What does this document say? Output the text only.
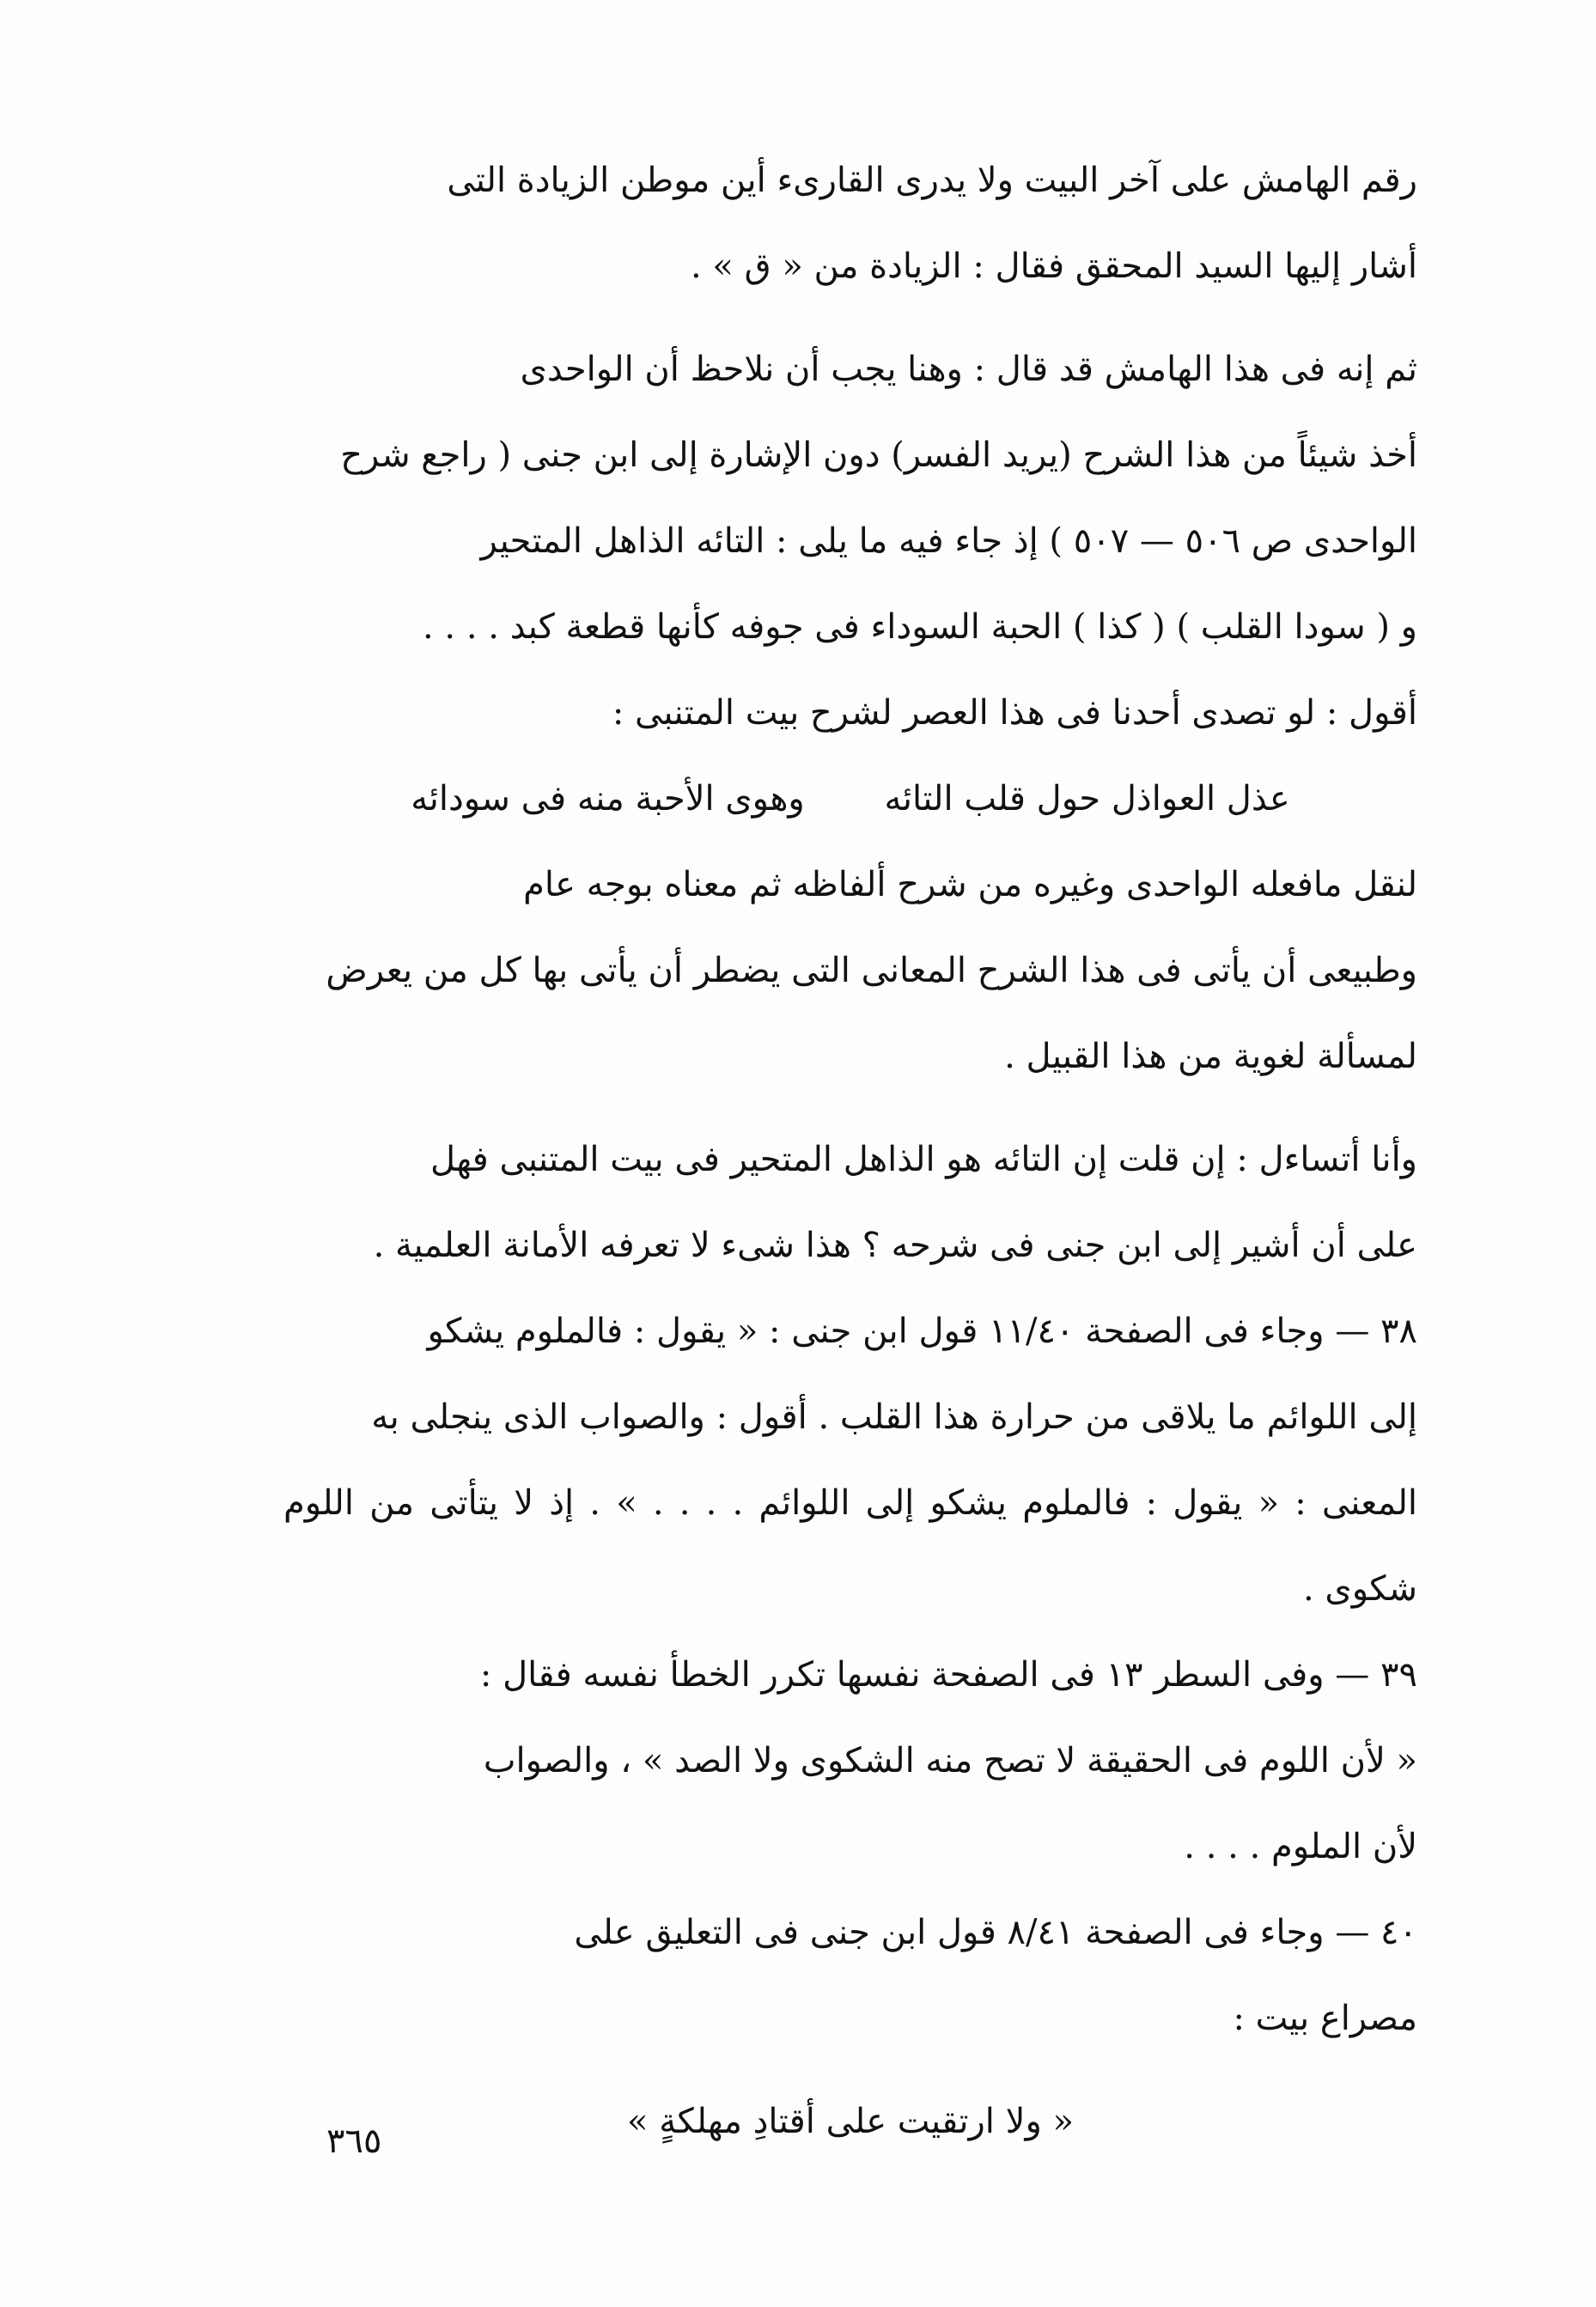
رقم الهامش على آخر البيت ولا يدرى القارىء أين موطن الزيادة التى
أشار إليها السيد المحقق فقال : الزيادة من « ق » .
ثم إنه فى هذا الهامش قد قال : وهنا يجب أن نلاحظ أن الواحدى
أخذ شيئاً من هذا الشرح (يريد الفسر) دون الإشارة إلى ابن جنى ( راجع شرح
الواحدى ص ٥٠٦ — ٥٠٧ ) إذ جاء فيه ما يلى : التائه الذاهل المتحير
و ( سودا القلب ) ( كذا ) الحبة السوداء فى جوفه كأنها قطعة كبد . . . .
أقول : لو تصدى أحدنا فى هذا العصر لشرح بيت المتنبى :
عذل العواذل حول قلب التائه وهوى الأحبة منه فى سودائه
لنقل مافعله الواحدى وغيره من شرح ألفاظه ثم معناه بوجه عام
وطبيعى أن يأتى فى هذا الشرح المعانى التى يضطر أن يأتى بها كل من يعرض
لمسألة لغوية من هذا القبيل .
وأنا أتساءل : إن قلت إن التائه هو الذاهل المتحير فى بيت المتنبى فهل
على أن أشير إلى ابن جنى فى شرحه ؟ هذا شىء لا تعرفه الأمانة العلمية .
٣٨ — وجاء فى الصفحة ١١/٤٠ قول ابن جنى : « يقول : فالملوم يشكو
إلى اللوائم ما يلاقى من حرارة هذا القلب . أقول : والصواب الذى ينجلى به
المعنى : « يقول : فالملوم يشكو إلى اللوائم . . . . » . إذ لا يتأتى من اللوم شكوى .
٣٩ — وفى السطر ١٣ فى الصفحة نفسها تكرر الخطأ نفسه فقال :
« لأن اللوم فى الحقيقة لا تصح منه الشكوى ولا الصد » ، والصواب
لأن الملوم . . . .
٤٠ — وجاء فى الصفحة ٨/٤١ قول ابن جنى فى التعليق على
مصراع بيت :
« ولا ارتقيت على أقتادِ مهلكةٍ »
٣٦٥
